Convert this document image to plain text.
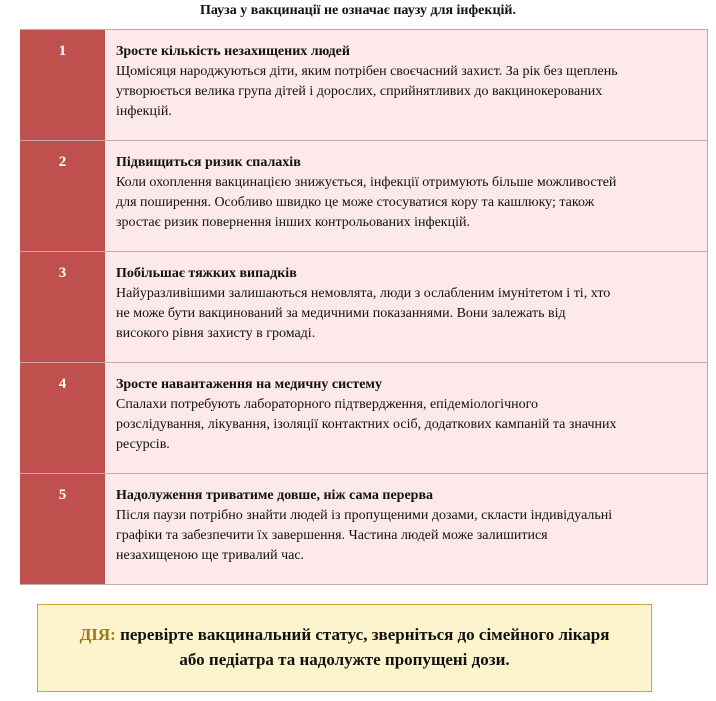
Пауза у вакцинації не означає паузу для інфекцій.
1	Зросте кількість незахищених людей
Щомісяця народжуються діти, яким потрібен своєчасний захист. За рік без щеплень
утворюється велика група дітей і дорослих, сприйнятливих до вакцинокерованих
інфекцій.
2	Підвищиться ризик спалахів
Коли охоплення вакцинацією знижується, інфекції отримують більше можливостей
для поширення. Особливо швидко це може стосуватися кору та кашлюку; також
зростає ризик повернення інших контрольованих інфекцій.
3	Побільшає тяжких випадків
Найуразливішими залишаються немовлята, люди з ослабленим імунітетом і ті, хто
не може бути вакцинований за медичними показаннями. Вони залежать від
високого рівня захисту в громаді.
4	Зросте навантаження на медичну систему
Спалахи потребують лабораторного підтвердження, епідеміологічного
розслідування, лікування, ізоляції контактних осіб, додаткових кампаній та значних
ресурсів.
5	Надолуження триватиме довше, ніж сама перерва
Після паузи потрібно знайти людей із пропущеними дозами, скласти індивідуальні
графіки та забезпечити їх завершення. Частина людей може залишитися
незахищеною ще тривалий час.
ДІЯ: перевірте вакцинальний статус, зверніться до сімейного лікаря
або педіатра та надолужте пропущені дози.
